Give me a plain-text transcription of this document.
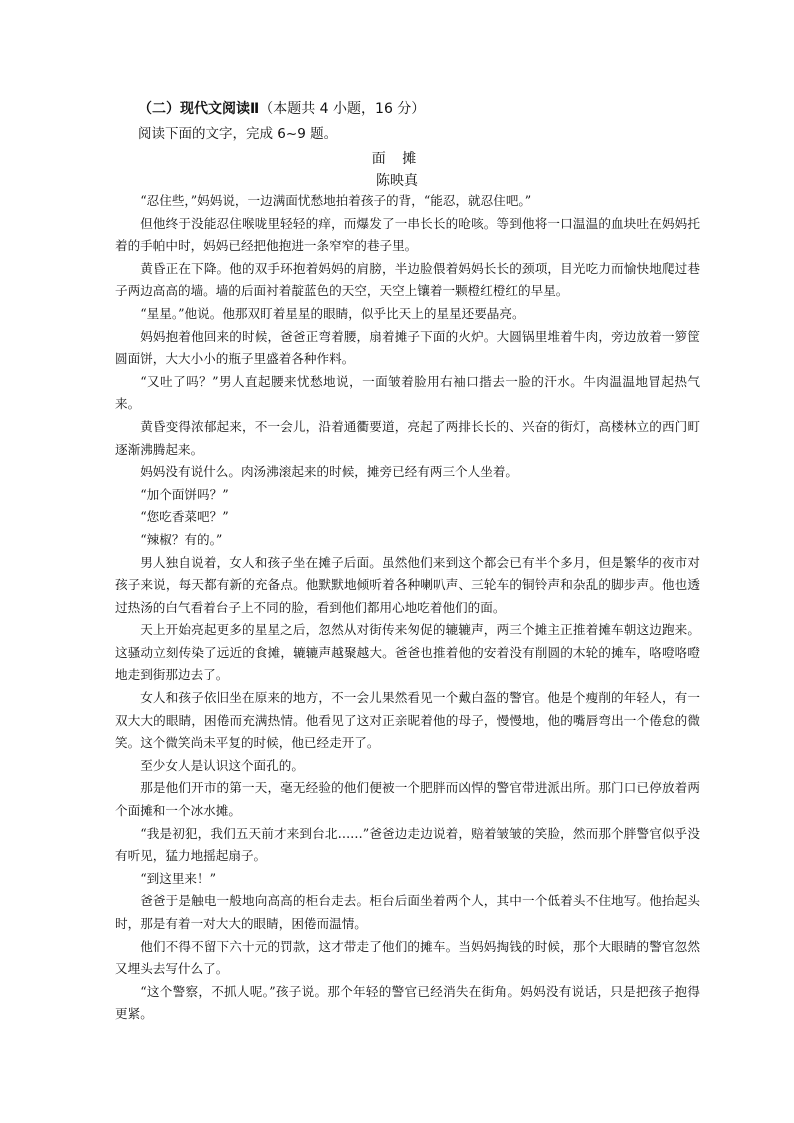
（二）现代文阅读Ⅱ（本题共 4 小题，16 分）
阅读下面的文字，完成 6~9 题。
面 摊
陈映真

“忍住些，”妈妈说，一边满面忧愁地拍着孩子的背，“能忍，就忍住吧。”

但他终于没能忍住喉咙里轻轻的痒，而爆发了一串长长的呛咳。等到他将一口温温的血块吐在妈妈托着的手帕中时，妈妈已经把他抱进一条窄窄的巷子里。

黄昏正在下降。他的双手环抱着妈妈的肩膀，半边脸偎着妈妈长长的颈项，目光吃力而愉快地爬过巷子两边高高的墙。墙的后面衬着靛蓝色的天空，天空上镶着一颗橙红橙红的早星。

“星星。”他说。他那双盯着星星的眼睛，似乎比天上的星星还要晶亮。

妈妈抱着他回来的时候，爸爸正弯着腰，扇着摊子下面的火炉。大圆锅里堆着牛肉，旁边放着一箩筐圆面饼，大大小小的瓶子里盛着各种作料。

“又吐了吗？”男人直起腰来忧愁地说，一面皱着脸用右袖口揩去一脸的汗水。牛肉温温地冒起热气来。

黄昏变得浓郁起来，不一会儿，沿着通衢要道，亮起了两排长长的、兴奋的街灯，高楼林立的西门町逐渐沸腾起来。

妈妈没有说什么。肉汤沸滚起来的时候，摊旁已经有两三个人坐着。

“加个面饼吗？”

“您吃香菜吧？”

“辣椒？有的。”

男人独自说着，女人和孩子坐在摊子后面。虽然他们来到这个都会已有半个多月，但是繁华的夜市对孩子来说，每天都有新的充备点。他默默地倾听着各种喇叭声、三轮车的铜铃声和杂乱的脚步声。他也透过热汤的白气看着台子上不同的脸，看到他们都用心地吃着他们的面。

天上开始亮起更多的星星之后，忽然从对街传来匆促的辘辘声，两三个摊主正推着摊车朝这边跑来。这骚动立刻传染了远近的食摊，辘辘声越聚越大。爸爸也推着他的安着没有削圆的木轮的摊车，咯噔咯噔地走到街那边去了。

女人和孩子依旧坐在原来的地方，不一会儿果然看见一个戴白盔的警官。他是个瘦削的年轻人，有一双大大的眼睛，困倦而充满热情。他看见了这对正亲昵着他的母子，慢慢地，他的嘴唇弯出一个倦怠的微笑。这个微笑尚未平复的时候，他已经走开了。

至少女人是认识这个面孔的。

那是他们开市的第一天，毫无经验的他们便被一个肥胖而凶悍的警官带进派出所。那门口已停放着两个面摊和一个冰水摊。

“我是初犯，我们五天前才来到台北……”爸爸边走边说着，赔着皱皱的笑脸，然而那个胖警官似乎没有听见，猛力地摇起扇子。

“到这里来！”

爸爸于是触电一般地向高高的柜台走去。柜台后面坐着两个人，其中一个低着头不住地写。他抬起头时，那是有着一对大大的眼睛，困倦而温情。

他们不得不留下六十元的罚款，这才带走了他们的摊车。当妈妈掏钱的时候，那个大眼睛的警官忽然又埋头去写什么了。

“这个警察，不抓人呢。”孩子说。那个年轻的警官已经消失在街角。妈妈没有说话，只是把孩子抱得更紧。
